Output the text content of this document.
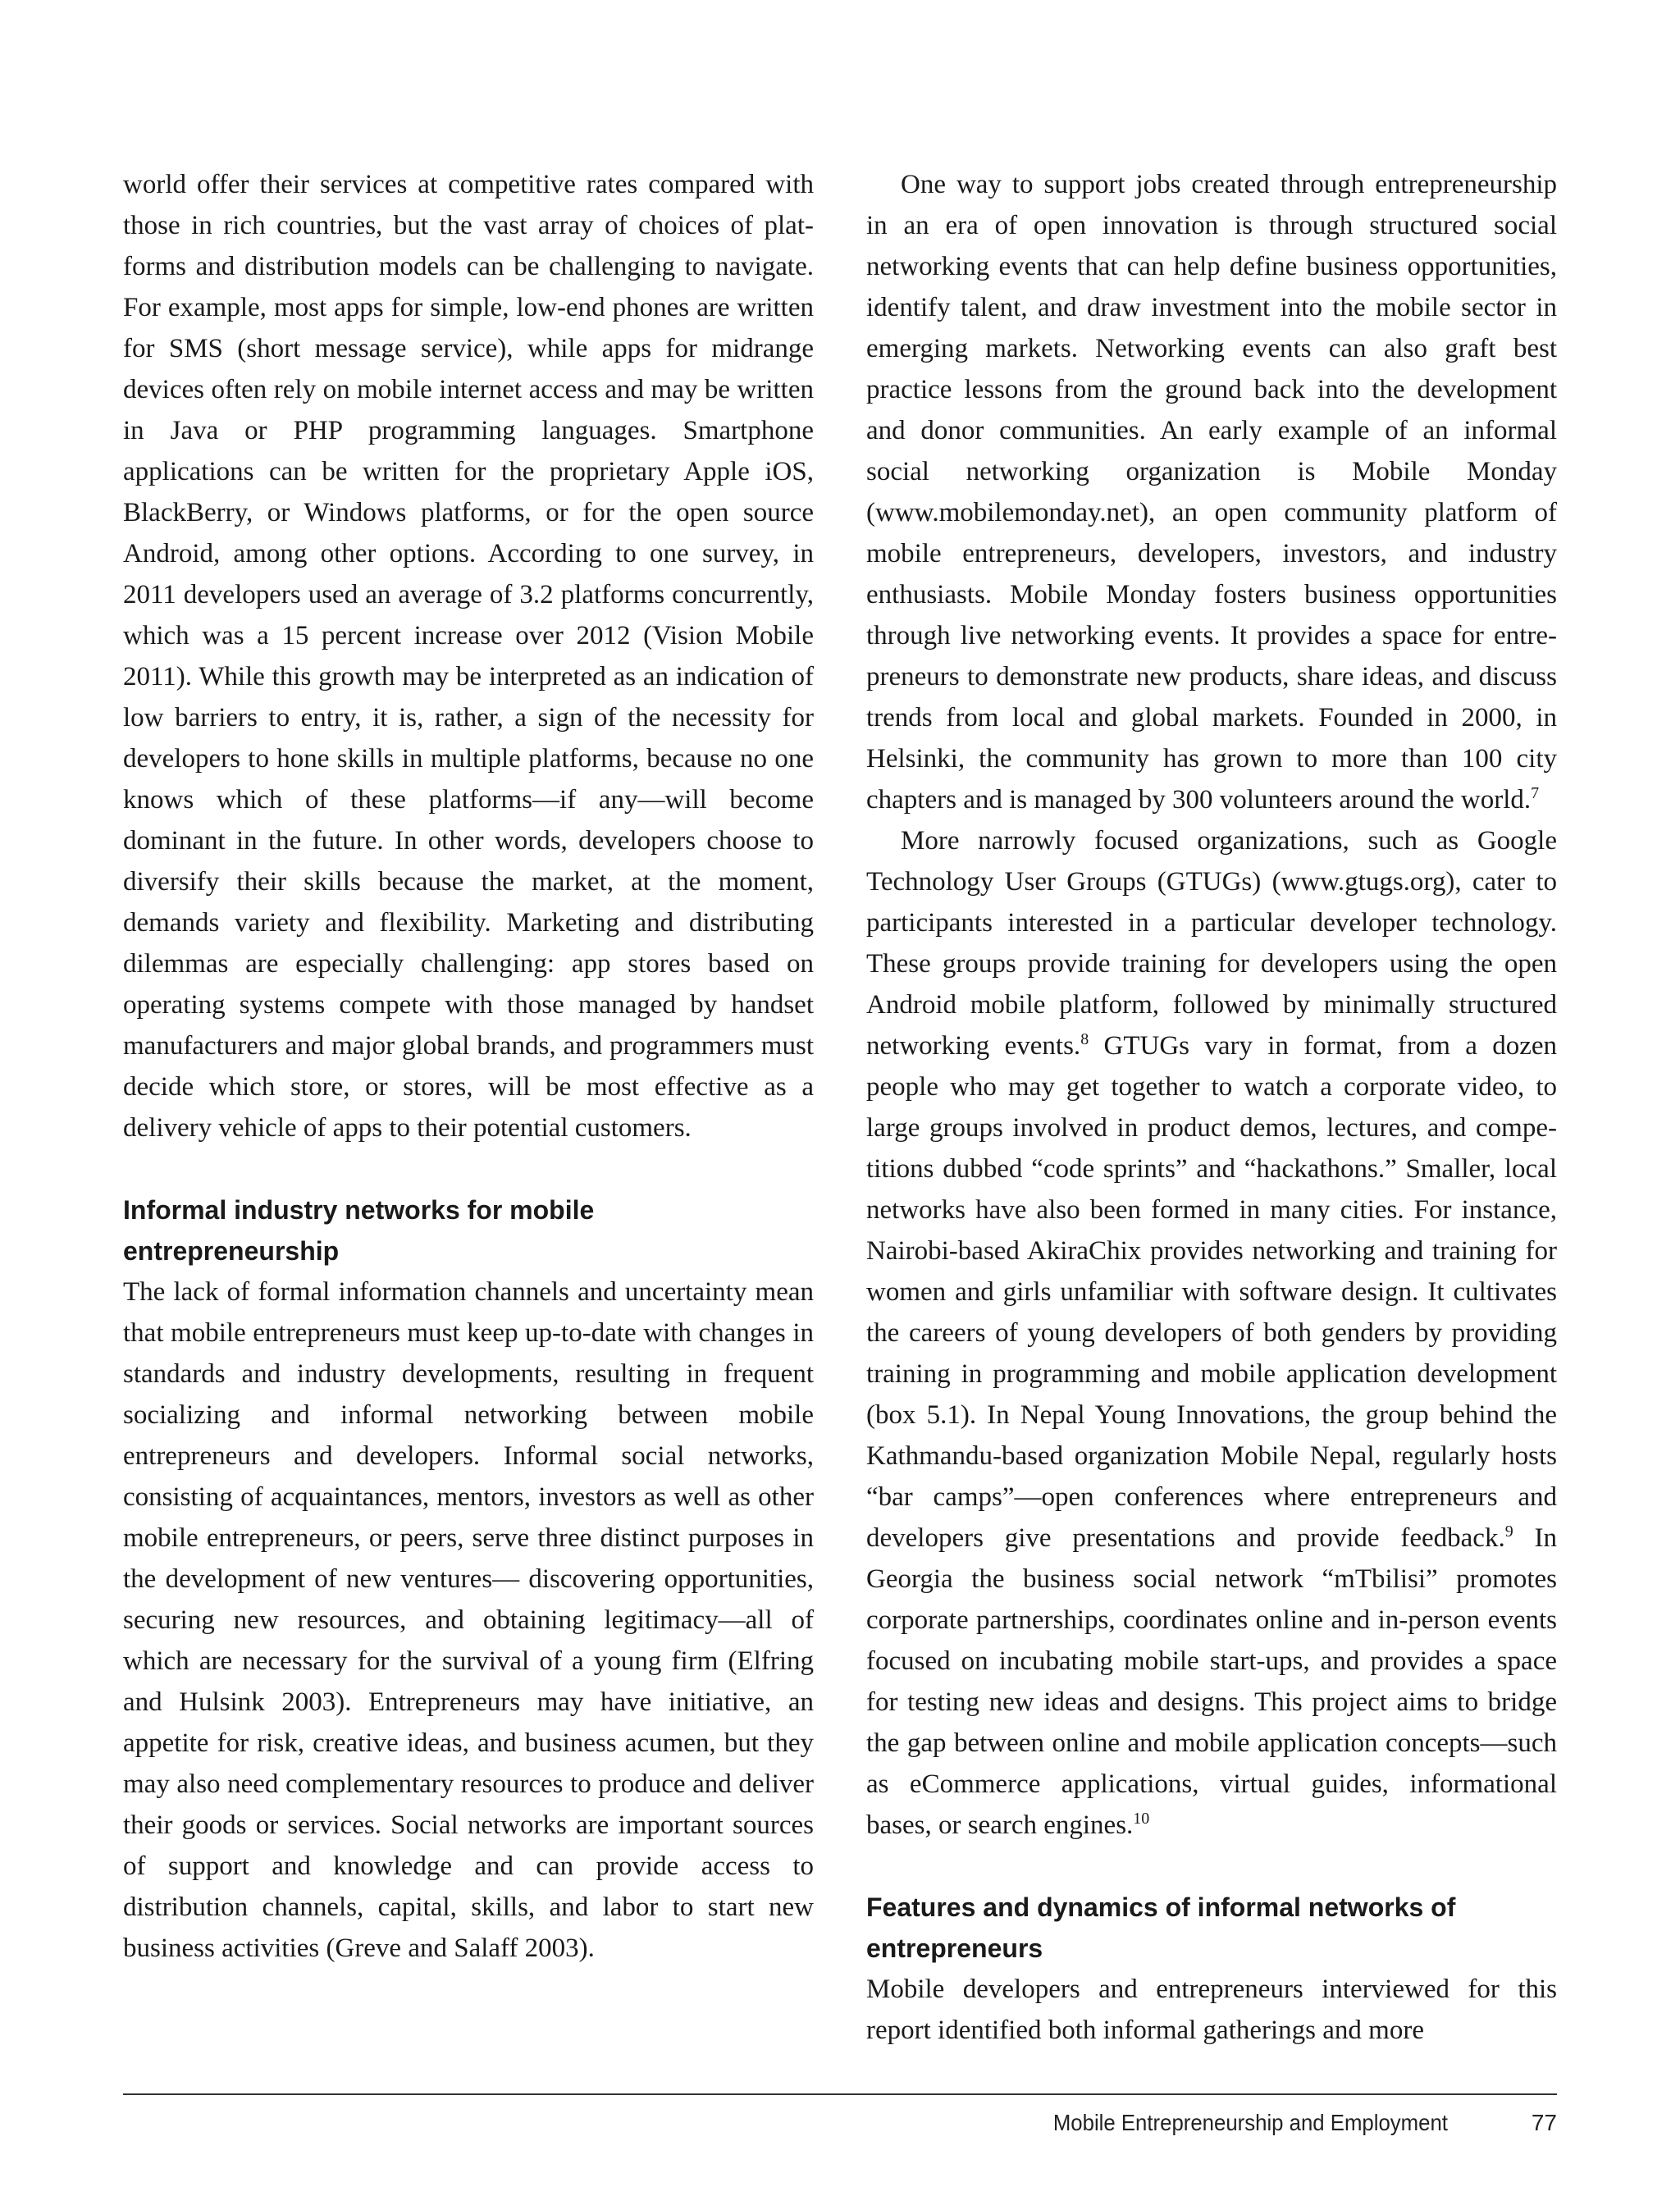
world offer their services at competitive rates compared with those in rich countries, but the vast array of choices of platforms and distribution models can be challenging to navigate. For example, most apps for simple, low-end phones are written for SMS (short message service), while apps for midrange devices often rely on mobile internet access and may be written in Java or PHP programming languages. Smartphone applications can be written for the proprietary Apple iOS, BlackBerry, or Windows platforms, or for the open source Android, among other options. According to one survey, in 2011 developers used an average of 3.2 platforms concurrently, which was a 15 percent increase over 2012 (Vision Mobile 2011). While this growth may be interpreted as an indication of low barriers to entry, it is, rather, a sign of the necessity for developers to hone skills in multiple platforms, because no one knows which of these platforms—if any—will become dominant in the future. In other words, developers choose to diversify their skills because the market, at the moment, demands variety and flexibility. Marketing and distributing dilemmas are especially challenging: app stores based on operating systems compete with those managed by handset manufacturers and major global brands, and programmers must decide which store, or stores, will be most effective as a delivery vehicle of apps to their potential customers.

Informal industry networks for mobile entrepreneurship

The lack of formal information channels and uncertainty mean that mobile entrepreneurs must keep up-to-date with changes in standards and industry developments, resulting in frequent socializing and informal networking between mobile entrepreneurs and developers. Informal social networks, consisting of acquaintances, mentors, investors as well as other mobile entrepreneurs, or peers, serve three distinct purposes in the development of new ventures— discovering opportunities, securing new resources, and obtaining legitimacy—all of which are necessary for the survival of a young firm (Elfring and Hulsink 2003). Entrepreneurs may have initiative, an appetite for risk, creative ideas, and business acumen, but they may also need complementary resources to produce and deliver their goods or services. Social networks are important sources of support and knowledge and can provide access to distribution channels, capital, skills, and labor to start new business activities (Greve and Salaff 2003).

One way to support jobs created through entrepreneurship in an era of open innovation is through structured social networking events that can help define business opportunities, identify talent, and draw investment into the mobile sector in emerging markets. Networking events can also graft best practice lessons from the ground back into the development and donor communities. An early example of an informal social networking organization is Mobile Monday (www.mobilemonday.net), an open community platform of mobile entrepreneurs, developers, investors, and industry enthusiasts. Mobile Monday fosters business opportunities through live networking events. It provides a space for entrepreneurs to demonstrate new products, share ideas, and discuss trends from local and global markets. Founded in 2000, in Helsinki, the community has grown to more than 100 city chapters and is managed by 300 volunteers around the world.$^7$

More narrowly focused organizations, such as Google Technology User Groups (GTUGs) (www.gtugs.org), cater to participants interested in a particular developer technology. These groups provide training for developers using the open Android mobile platform, followed by minimally structured networking events.$^8$ GTUGs vary in format, from a dozen people who may get together to watch a corporate video, to large groups involved in product demos, lectures, and competitions dubbed “code sprints” and “hackathons.” Smaller, local networks have also been formed in many cities. For instance, Nairobi-based AkiraChix provides networking and training for women and girls unfamiliar with software design. It cultivates the careers of young developers of both genders by providing training in programming and mobile application development (box 5.1). In Nepal Young Innovations, the group behind the Kathmandu-based organization Mobile Nepal, regularly hosts “bar camps”—open conferences where entrepreneurs and developers give presentations and provide feedback.$^9$ In Georgia the business social network “mTbilisi” promotes corporate partnerships, coordinates online and in-person events focused on incubating mobile start-ups, and provides a space for testing new ideas and designs. This project aims to bridge the gap between online and mobile application concepts—such as eCommerce applications, virtual guides, informational bases, or search engines.$^{10}$

Features and dynamics of informal networks of entrepreneurs

Mobile developers and entrepreneurs interviewed for this report identified both informal gatherings and more

Mobile Entrepreneurship and Employment	77
